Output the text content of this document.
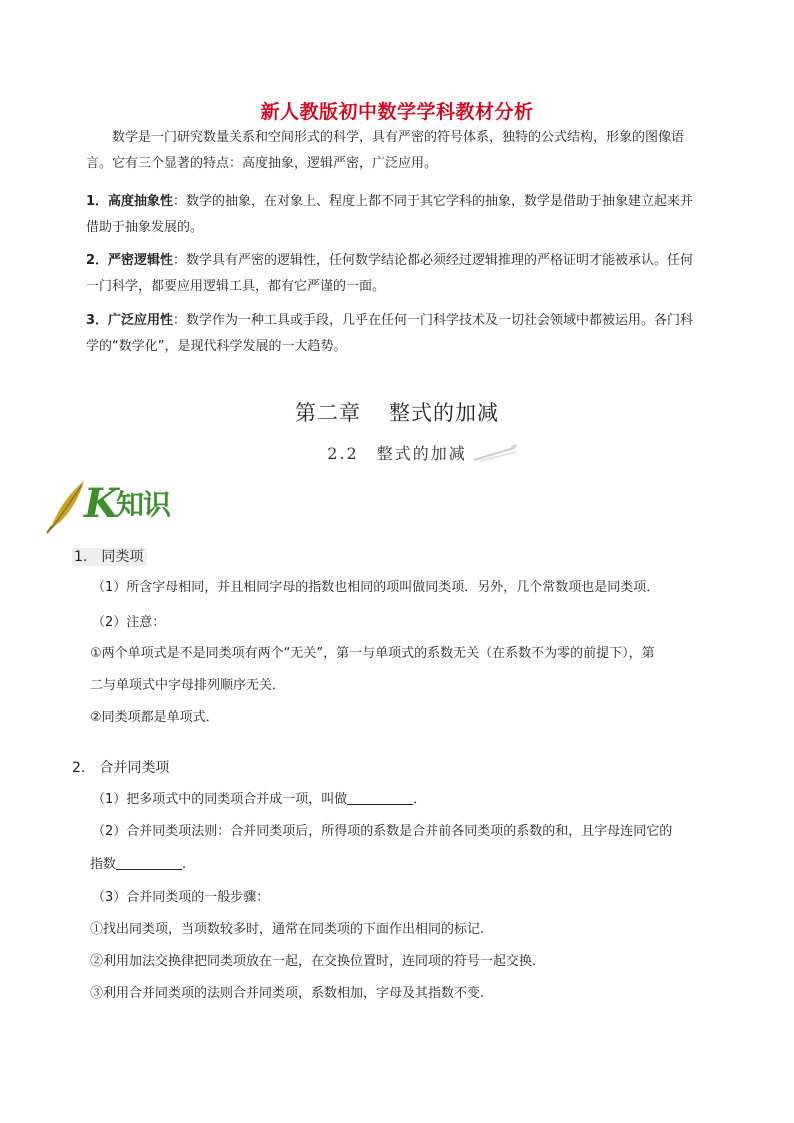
新人教版初中数学学科教材分析

数学是一门研究数量关系和空间形式的科学，具有严密的符号体系，独特的公式结构，形象的图像语
言。它有三个显著的特点：高度抽象，逻辑严密，广泛应用。

1．高度抽象性：数学的抽象，在对象上、程度上都不同于其它学科的抽象，数学是借助于抽象建立起来并
借助于抽象发展的。

2．严密逻辑性：数学具有严密的逻辑性，任何数学结论都必须经过逻辑推理的严格证明才能被承认。任何
一门科学，都要应用逻辑工具，都有它严谨的一面。

3．广泛应用性：数学作为一种工具或手段，几乎在任何一门科学技术及一切社会领域中都被运用。各门科
学的“数学化”，是现代科学发展的一大趋势。

第二章 整式的加减
2.2 整式的加减
K
知识
1. 同类项
（1）所含字母相同，并且相同字母的指数也相同的项叫做同类项．另外，几个常数项也是同类项．
（2）注意：
①两个单项式是不是同类项有两个“无关”，第一与单项式的系数无关（在系数不为零的前提下），第
二与单项式中字母排列顺序无关．
②同类项都是单项式．
2. 合并同类项
（1）把多项式中的同类项合并成一项，叫做	．
（2）合并同类项法则：合并同类项后，所得项的系数是合并前各同类项的系数的和，且字母连同它的
指数	.
（3）合并同类项的一般步骤：
①找出同类项，当项数较多时，通常在同类项的下面作出相同的标记.
②利用加法交换律把同类项放在一起，在交换位置时，连同项的符号一起交换.
③利用合并同类项的法则合并同类项，系数相加，字母及其指数不变.
